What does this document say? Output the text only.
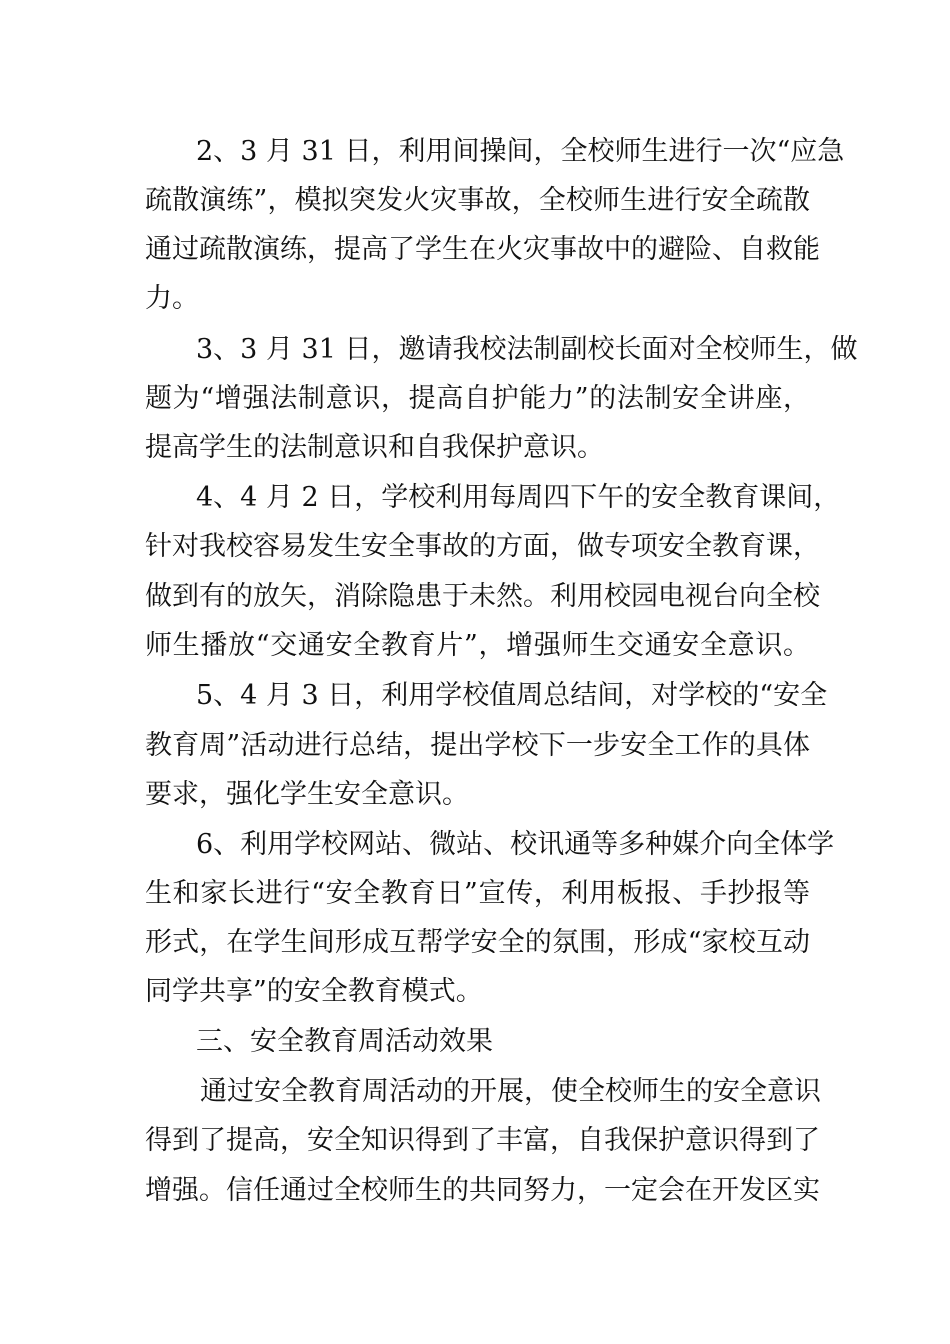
2、3 月 31 日，利用间操间，全校师生进行一次“应急
疏散演练”，模拟突发火灾事故，全校师生进行安全疏散
通过疏散演练，提高了学生在火灾事故中的避险、自救能
力。
3、3 月 31 日，邀请我校法制副校长面对全校师生，做
题为“增强法制意识，提高自护能力”的法制安全讲座，
提高学生的法制意识和自我保护意识。
4、4 月 2 日，学校利用每周四下午的安全教育课间，
针对我校容易发生安全事故的方面，做专项安全教育课，
做到有的放矢，消除隐患于未然。利用校园电视台向全校
师生播放“交通安全教育片”，增强师生交通安全意识。
5、4 月 3 日，利用学校值周总结间，对学校的“安全
教育周”活动进行总结，提出学校下一步安全工作的具体
要求，强化学生安全意识。
6、利用学校网站、微站、校讯通等多种媒介向全体学
生和家长进行“安全教育日”宣传，利用板报、手抄报等
形式，在学生间形成互帮学安全的氛围，形成“家校互动
同学共享”的安全教育模式。
三、安全教育周活动效果
通过安全教育周活动的开展，使全校师生的安全意识
得到了提高，安全知识得到了丰富，自我保护意识得到了
增强。信任通过全校师生的共同努力，一定会在开发区实
